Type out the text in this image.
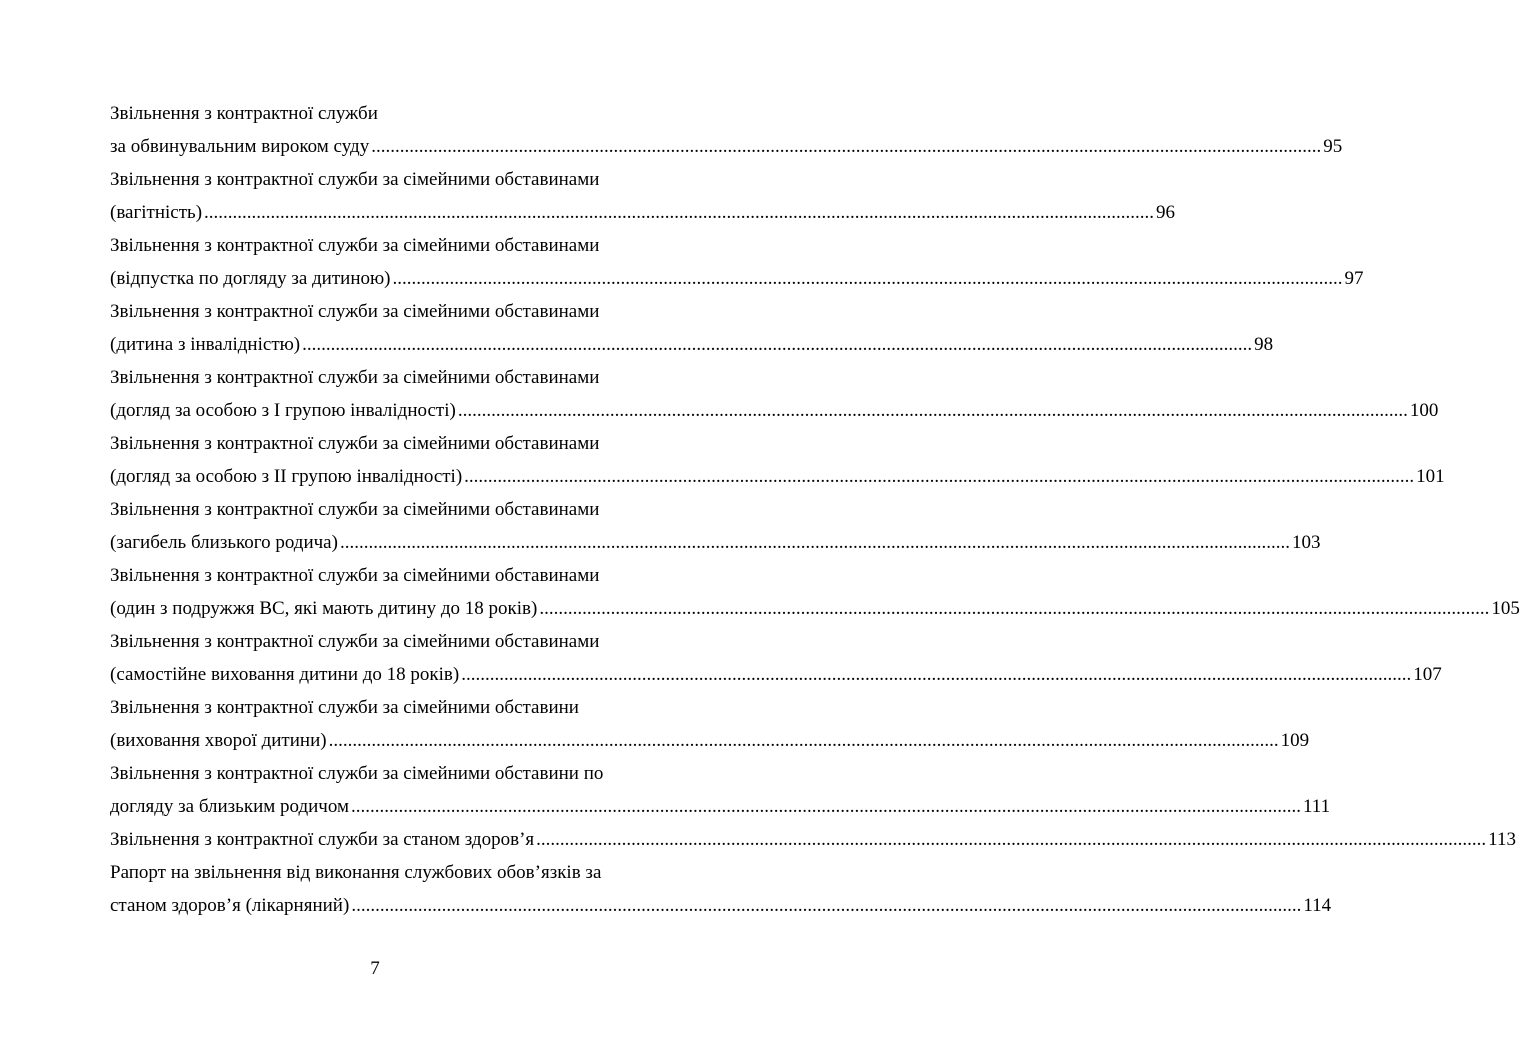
Звільнення з контрактної служби
за обвинувальним вироком суду ........................................................................................................................................................................................................ 95
Звільнення з контрактної служби за сімейними обставинами
(вагітність) ........................................................................................................................................................................................................ 96
Звільнення з контрактної служби за сімейними обставинами
(відпустка по догляду за дитиною) ........................................................................................................................................................................................................ 97
Звільнення з контрактної служби за сімейними обставинами
(дитина з інвалідністю) ........................................................................................................................................................................................................ 98
Звільнення з контрактної служби за сімейними обставинами
(догляд за особою з I групою інвалідності) ........................................................................................................................................................................................................ 100
Звільнення з контрактної служби за сімейними обставинами
(догляд за особою з II групою інвалідності) ........................................................................................................................................................................................................ 101
Звільнення з контрактної служби за сімейними обставинами
(загибель близького родича) ........................................................................................................................................................................................................ 103
Звільнення з контрактної служби за сімейними обставинами
(один з подружжя ВС, які мають дитину до 18 років) ........................................................................................................................................................................................................ 105
Звільнення з контрактної служби за сімейними обставинами
(самостійне виховання дитини до 18 років) ........................................................................................................................................................................................................ 107
Звільнення з контрактної служби за сімейними обставини
(виховання хворої дитини) ........................................................................................................................................................................................................ 109
Звільнення з контрактної служби за сімейними обставини по
догляду за близьким родичом ........................................................................................................................................................................................................ 111
Звільнення з контрактної служби за станом здоров’я ........................................................................................................................................................................................................ 113
Рапорт на звільнення від виконання службових обов’язків за
станом здоров’я (лікарняний) ........................................................................................................................................................................................................ 114
7
